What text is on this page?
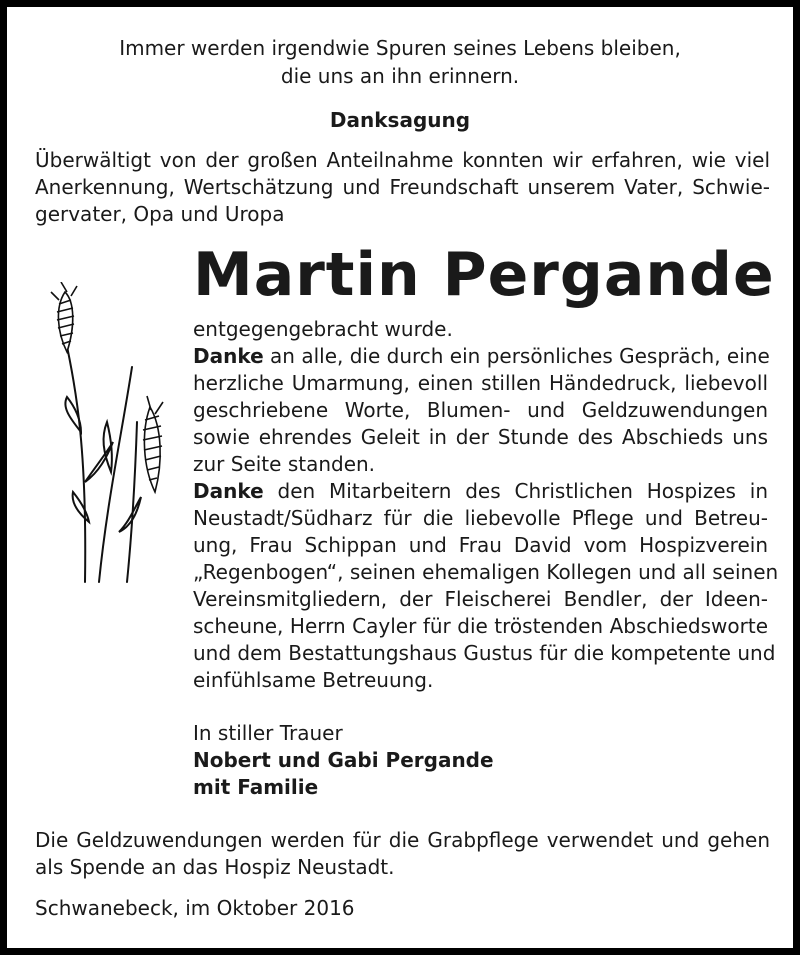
Immer werden irgendwie Spuren seines Lebens bleiben,
die uns an ihn erinnern.
Danksagung
Überwältigt von der großen Anteilnahme konnten wir erfahren, wie viel
Anerkennung, Wertschätzung und Freundschaft unserem Vater, Schwie-
gervater, Opa und Uropa
Martin Pergande
entgegengebracht wurde.
Danke an alle, die durch ein persönliches Gespräch, eine
herzliche Umarmung, einen stillen Händedruck, liebevoll
geschriebene Worte, Blumen- und Geldzuwendungen
sowie ehrendes Geleit in der Stunde des Abschieds uns
zur Seite standen.
Danke den Mitarbeitern des Christlichen Hospizes in
Neustadt/Südharz für die liebevolle Pflege und Betreu-
ung, Frau Schippan und Frau David vom Hospizverein
„Regenbogen“, seinen ehemaligen Kollegen und all seinen
Vereinsmitgliedern, der Fleischerei Bendler, der Ideen-
scheune, Herrn Cayler für die tröstenden Abschiedsworte
und dem Bestattungshaus Gustus für die kompetente und
einfühlsame Betreuung.
In stiller Trauer
Nobert und Gabi Pergande
mit Familie
Die Geldzuwendungen werden für die Grabpflege verwendet und gehen
als Spende an das Hospiz Neustadt.
Schwanebeck, im Oktober 2016
